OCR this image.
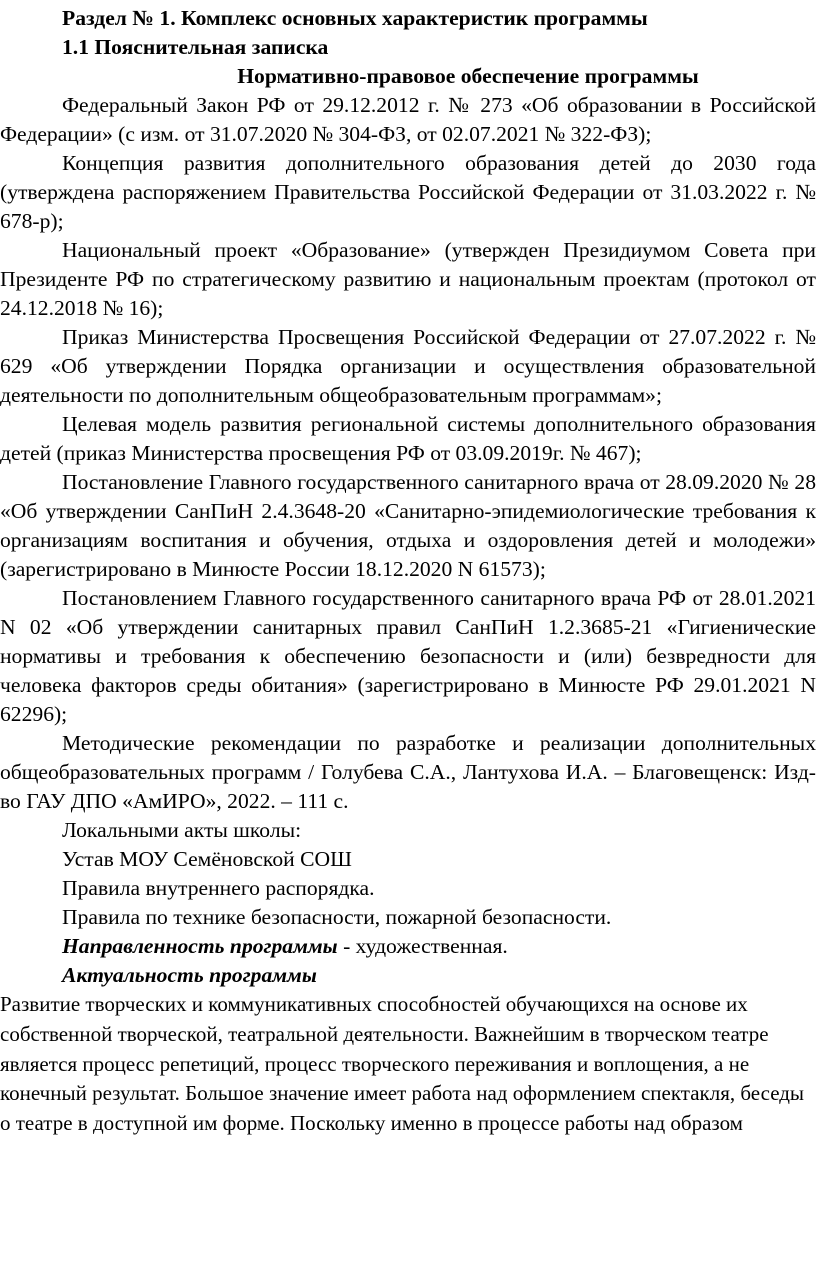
Раздел № 1. Комплекс основных характеристик программы

1.1 Пояснительная записка

Нормативно-правовое обеспечение программы

Федеральный Закон РФ от 29.12.2012 г. № 273 «Об образовании в Российской Федерации» (с изм. от 31.07.2020 № 304-ФЗ, от 02.07.2021 № 322-ФЗ);

Концепция развития дополнительного образования детей до 2030 года (утверждена распоряжением Правительства Российской Федерации от 31.03.2022 г. № 678-р);

Национальный проект «Образование» (утвержден Президиумом Совета при Президенте РФ по стратегическому развитию и национальным проектам (протокол от 24.12.2018 № 16);

Приказ Министерства Просвещения Российской Федерации от 27.07.2022 г. № 629 «Об утверждении Порядка организации и осуществления образовательной деятельности по дополнительным общеобразовательным программам»;

Целевая модель развития региональной системы дополнительного образования детей (приказ Министерства просвещения РФ от 03.09.2019г. № 467);

Постановление Главного государственного санитарного врача от 28.09.2020 № 28 «Об утверждении СанПиН 2.4.3648-20 «Санитарно-эпидемиологические требования к организациям воспитания и обучения, отдыха и оздоровления детей и молодежи» (зарегистрировано в Минюсте России 18.12.2020 N 61573);

Постановлением Главного государственного санитарного врача РФ от 28.01.2021 N 02 «Об утверждении санитарных правил СанПиН 1.2.3685-21 «Гигиенические нормативы и требования к обеспечению безопасности и (или) безвредности для человека факторов среды обитания» (зарегистрировано в Минюсте РФ 29.01.2021 N 62296);

Методические рекомендации по разработке и реализации дополнительных общеобразовательных программ / Голубева С.А., Лантухова И.А. – Благовещенск: Изд-во ГАУ ДПО «АмИРО», 2022. – 111 с.

Локальными акты школы:

Устав МОУ Семёновской СОШ

Правила внутреннего распорядка.

Правила по технике безопасности, пожарной безопасности.

Направленность программы - художественная.

Актуальность программы

Развитие творческих и коммуникативных способностей обучающихся на основе их собственной творческой, театральной деятельности. Важнейшим в творческом театре является процесс репетиций, процесс творческого переживания и воплощения, а не конечный результат. Большое значение имеет работа над оформлением спектакля, беседы о театре в доступной им форме. Поскольку именно в процессе работы над образом
